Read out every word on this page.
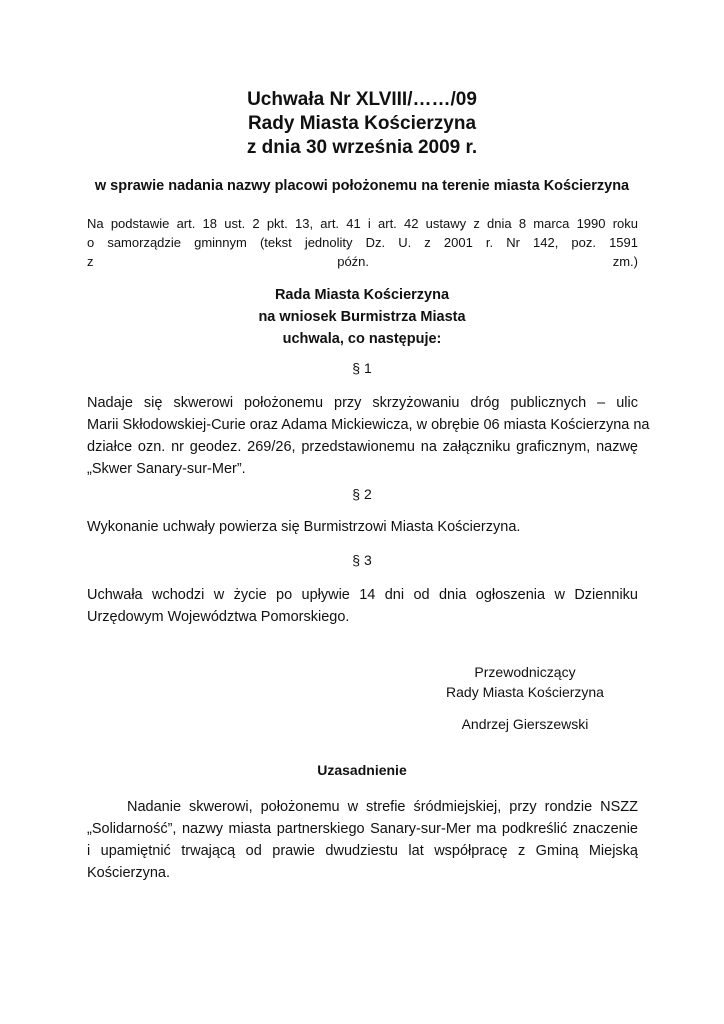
Uchwała Nr XLVIII/……/09
Rady Miasta Kościerzyna
z dnia 30 września 2009 r.
w sprawie nadania nazwy placowi położonemu na terenie miasta Kościerzyna
Na podstawie art. 18 ust. 2 pkt. 13, art. 41 i art. 42 ustawy z dnia 8 marca 1990 roku
o samorządzie gminnym (tekst jednolity Dz. U. z 2001 r. Nr 142, poz. 1591
z późn. zm.)
Rada Miasta Kościerzyna
na wniosek Burmistrza Miasta
uchwala, co następuje:
§ 1
Nadaje się skwerowi położonemu przy skrzyżowaniu dróg publicznych – ulic
Marii Skłodowskiej-Curie oraz Adama Mickiewicza, w obrębie 06 miasta Kościerzyna na
działce ozn. nr geodez. 269/26, przedstawionemu na załączniku graficznym, nazwę
„Skwer Sanary-sur-Mer”.
§ 2
Wykonanie uchwały powierza się Burmistrzowi Miasta Kościerzyna.
§ 3
Uchwała wchodzi w życie po upływie 14 dni od dnia ogłoszenia w Dzienniku
Urzędowym Województwa Pomorskiego.
Przewodniczący
Rady Miasta Kościerzyna
Andrzej Gierszewski
Uzasadnienie
Nadanie skwerowi, położonemu w strefie śródmiejskiej, przy rondzie NSZZ
„Solidarność”, nazwy miasta partnerskiego Sanary-sur-Mer ma podkreślić znaczenie
i upamiętnić trwającą od prawie dwudziestu lat współpracę z Gminą Miejską
Kościerzyna.
